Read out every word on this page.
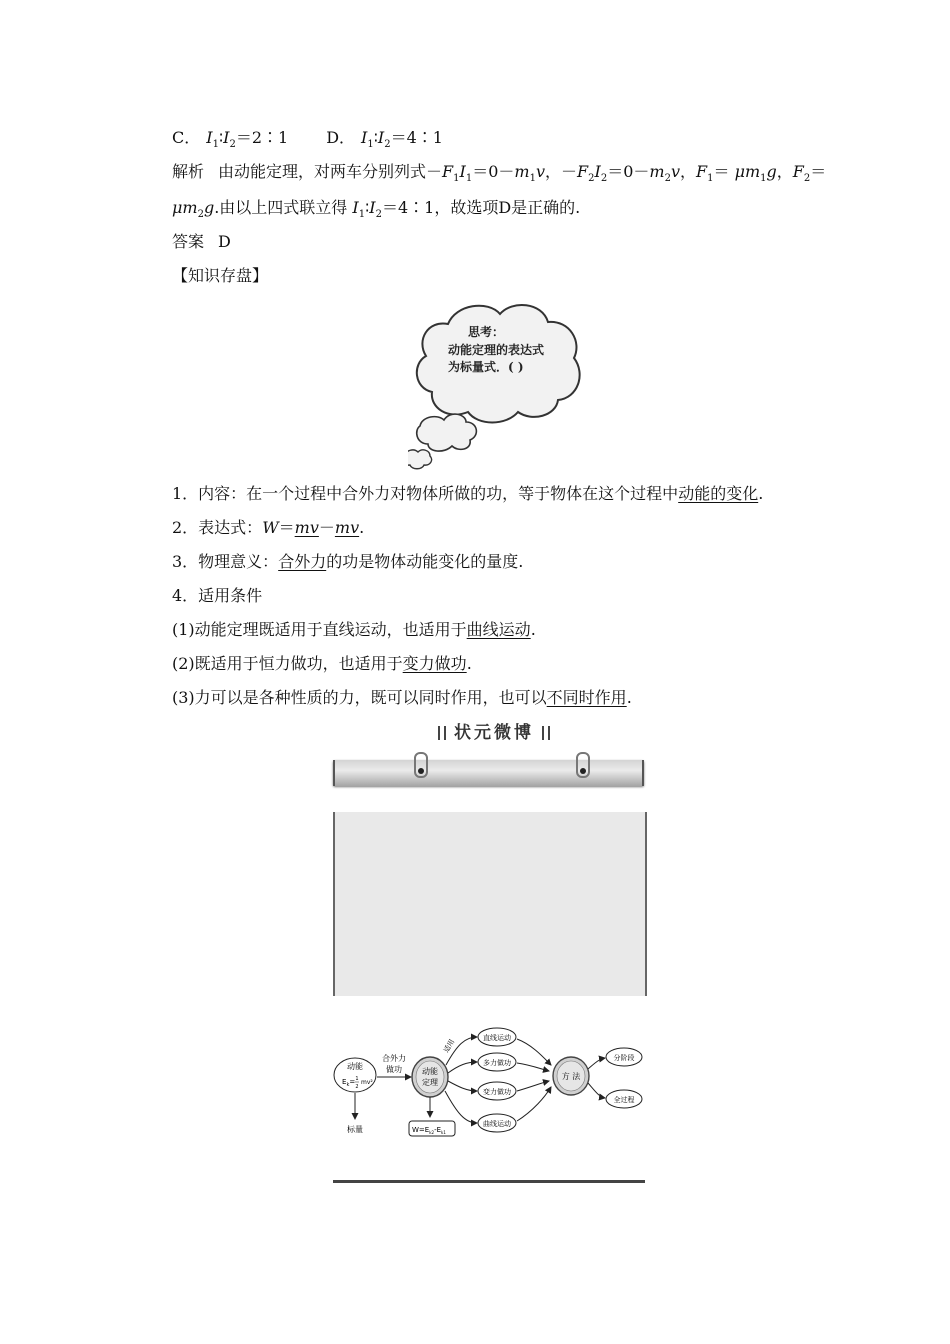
C． $I_1∶I_2=2∶1$ D． $I_1∶I_2=4∶1$
解析 由动能定理，对两车分别列式$-F_1I_1=0-m_1v$，$-F_2I_2=0-m_2v$，$F_1= \mu m_1g$，$F_2=$
$\mu m_2g$.由以上四式联立得 $I_1∶I_2=4∶1$，故选项D是正确的.
答案 D
【知识存盘】
思考：
动能定理的表达式
为标量式．( )
1．内容：在一个过程中合外力对物体所做的功，等于物体在这个过程中动能的变化.
2．表达式：W＝mv－mv.
3．物理意义：合外力的功是物体动能变化的量度.
4．适用条件
(1)动能定理既适用于直线运动，也适用于曲线运动.
(2)既适用于恒力做功，也适用于变力做功.
(3)力可以是各种性质的力，既可以同时作用，也可以不同时作用.
状元微博
动能
$E_k= 1$
2
mv²
合外力
做功
标量
动能
定理
$W=E_{k2}-E_{k1}$
适用	直线运动
多力做功
变力做功
曲线运动
方 法
分阶段
全过程
